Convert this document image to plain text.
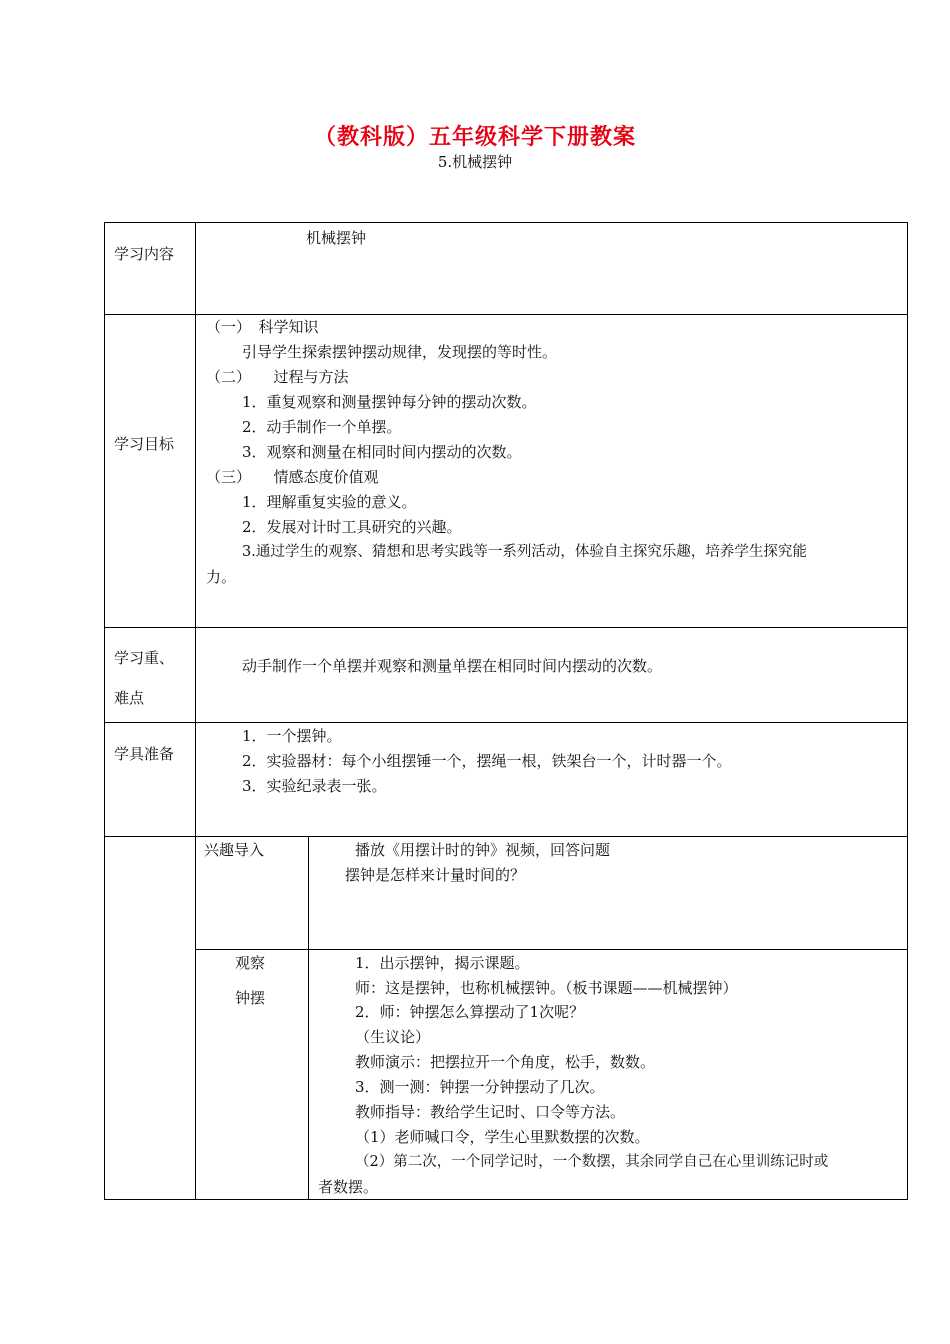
（教科版）五年级科学下册教案
5.机械摆钟
学习内容
机械摆钟
学习目标
（一）　科学知识
引导学生探索摆钟摆动规律，发现摆的等时性。
（二）　　过程与方法
1．重复观察和测量摆钟每分钟的摆动次数。
2．动手制作一个单摆。
3．观察和测量在相同时间内摆动的次数。
（三）　　情感态度价值观
1．理解重复实验的意义。
2．发展对计时工具研究的兴趣。
3.通过学生的观察、猜想和思考实践等一系列活动，体验自主探究乐趣，培养学生探究能
力。
学习重、
难点
动手制作一个单摆并观察和测量单摆在相同时间内摆动的次数。
学具准备
1．一个摆钟。
2．实验器材：每个小组摆锤一个，摆绳一根，铁架台一个，计时器一个。
3．实验纪录表一张。
兴趣导入	播放《用摆计时的钟》视频，回答问题
摆钟是怎样来计量时间的？
观察
钟摆
1．出示摆钟，揭示课题。
师：这是摆钟，也称机械摆钟。（板书课题——机械摆钟）
2．师：钟摆怎么算摆动了1次呢？
（生议论）
教师演示：把摆拉开一个角度，松手，数数。
3．测一测：钟摆一分钟摆动了几次。
教师指导：教给学生记时、口令等方法。
（1）老师喊口令，学生心里默数摆的次数。
（2）第二次，一个同学记时，一个数摆，其余同学自己在心里训练记时或
者数摆。
